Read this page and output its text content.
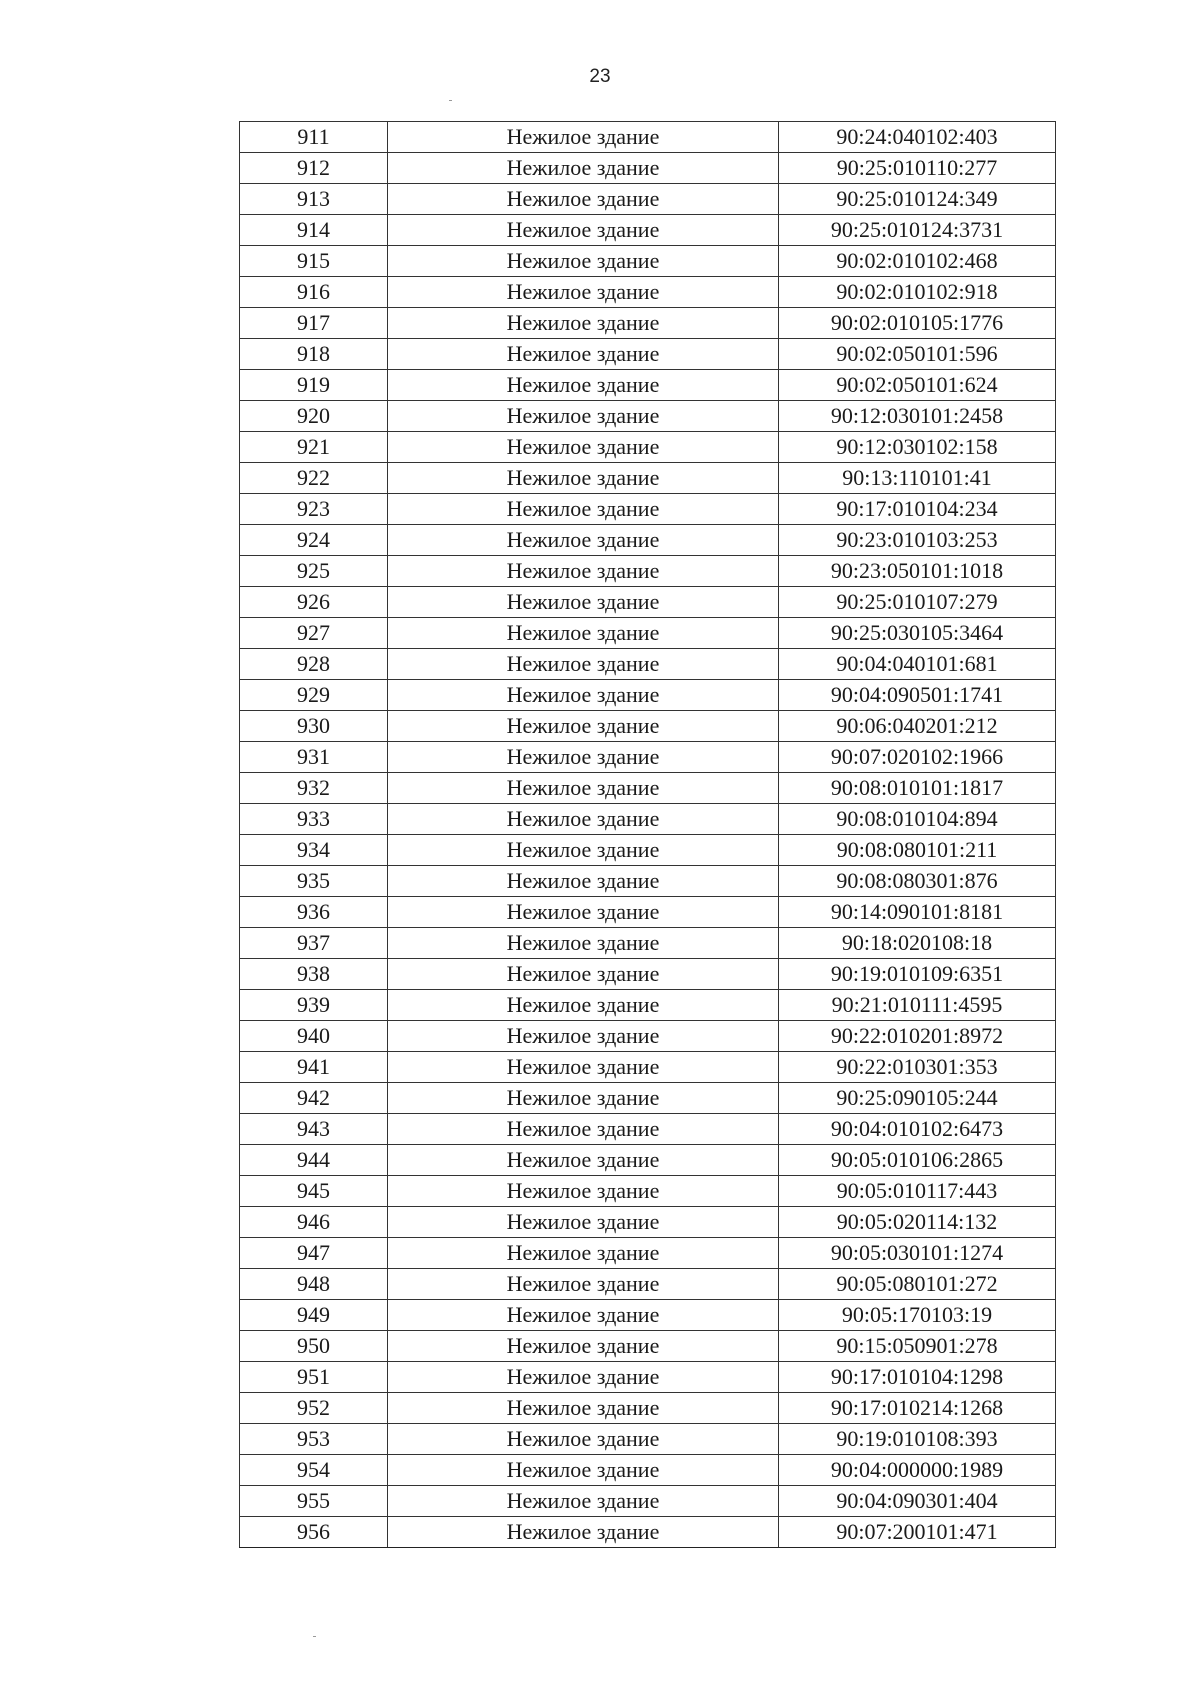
23
911	Нежилое здание	90:24:040102:403
912	Нежилое здание	90:25:010110:277
913	Нежилое здание	90:25:010124:349
914	Нежилое здание	90:25:010124:3731
915	Нежилое здание	90:02:010102:468
916	Нежилое здание	90:02:010102:918
917	Нежилое здание	90:02:010105:1776
918	Нежилое здание	90:02:050101:596
919	Нежилое здание	90:02:050101:624
920	Нежилое здание	90:12:030101:2458
921	Нежилое здание	90:12:030102:158
922	Нежилое здание	90:13:110101:41
923	Нежилое здание	90:17:010104:234
924	Нежилое здание	90:23:010103:253
925	Нежилое здание	90:23:050101:1018
926	Нежилое здание	90:25:010107:279
927	Нежилое здание	90:25:030105:3464
928	Нежилое здание	90:04:040101:681
929	Нежилое здание	90:04:090501:1741
930	Нежилое здание	90:06:040201:212
931	Нежилое здание	90:07:020102:1966
932	Нежилое здание	90:08:010101:1817
933	Нежилое здание	90:08:010104:894
934	Нежилое здание	90:08:080101:211
935	Нежилое здание	90:08:080301:876
936	Нежилое здание	90:14:090101:8181
937	Нежилое здание	90:18:020108:18
938	Нежилое здание	90:19:010109:6351
939	Нежилое здание	90:21:010111:4595
940	Нежилое здание	90:22:010201:8972
941	Нежилое здание	90:22:010301:353
942	Нежилое здание	90:25:090105:244
943	Нежилое здание	90:04:010102:6473
944	Нежилое здание	90:05:010106:2865
945	Нежилое здание	90:05:010117:443
946	Нежилое здание	90:05:020114:132
947	Нежилое здание	90:05:030101:1274
948	Нежилое здание	90:05:080101:272
949	Нежилое здание	90:05:170103:19
950	Нежилое здание	90:15:050901:278
951	Нежилое здание	90:17:010104:1298
952	Нежилое здание	90:17:010214:1268
953	Нежилое здание	90:19:010108:393
954	Нежилое здание	90:04:000000:1989
955	Нежилое здание	90:04:090301:404
956	Нежилое здание	90:07:200101:471
